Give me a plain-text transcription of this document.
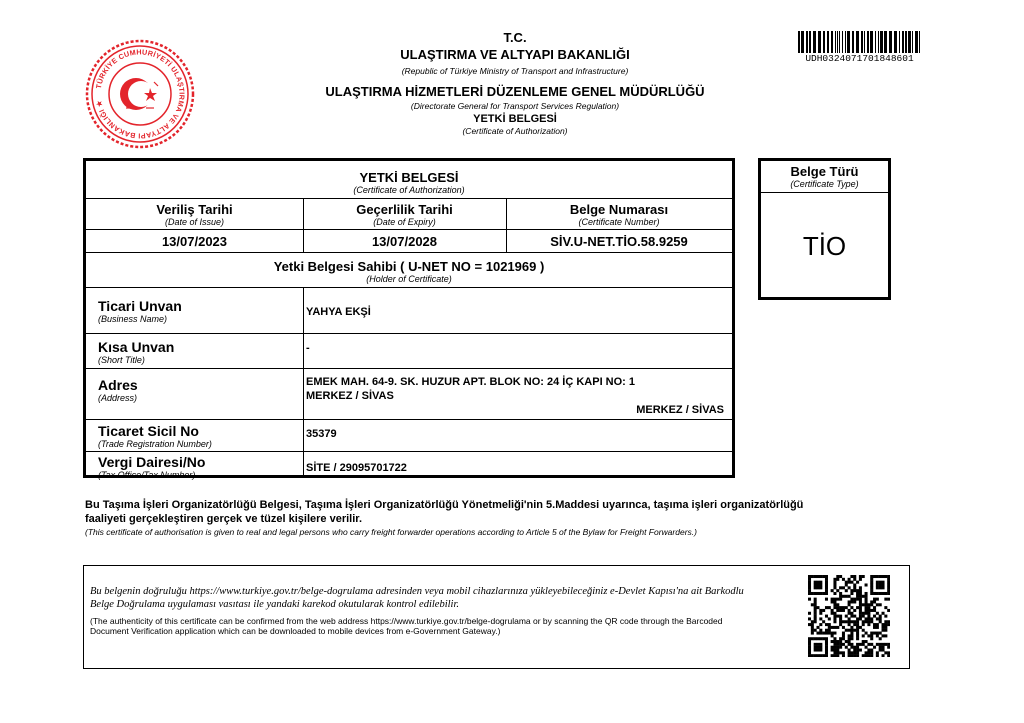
TÜRKİYE CUMHURİYETİ ULAŞTIRMA VE ALTYAPI BAKANLIĞI ★
T.C.
ULAŞTIRMA VE ALTYAPI BAKANLIĞI
(Republic of Türkiye Ministry of Transport and Infrastructure)
ULAŞTIRMA HİZMETLERİ DÜZENLEME GENEL MÜDÜRLÜĞÜ
(Directorate General for Transport Services Regulation)
YETKİ BELGESİ
(Certificate of Authorization)
UDH0324071701848601
YETKİ BELGESİ
(Certificate of Authorization)
Veriliş Tarihi
(Date of Issue)
Geçerlilik Tarihi
(Date of Expiry)
Belge Numarası
(Certificate Number)
13/07/2023	13/07/2028	SİV.U-NET.TİO.58.9259
Yetki Belgesi Sahibi ( U-NET NO = 1021969 )
(Holder of Certificate)
Ticari Unvan
(Business Name)
YAHYA EKŞİ
Kısa Unvan
(Short Title)
-
Adres
(Address)
EMEK MAH. 64-9. SK. HUZUR APT. BLOK NO: 24 İÇ KAPI NO: 1 MERKEZ / SİVAS
MERKEZ / SİVAS
Ticaret Sicil No
(Trade Registration Number)
35379
Vergi Dairesi/No
(Tax Office/Tax Number)
SİTE / 29095701722
Belge Türü
(Certificate Type)
TİO
Bu Taşıma İşleri Organizatörlüğü Belgesi, Taşıma İşleri Organizatörlüğü Yönetmeliği'nin 5.Maddesi uyarınca, taşıma işleri organizatörlüğü faaliyeti gerçekleştiren gerçek ve tüzel kişilere verilir.
(This certificate of authorisation is given to real and legal persons who carry freight forwarder operations according to Article 5 of the Bylaw for Freight Forwarders.)
Bu belgenin doğruluğu https://www.turkiye.gov.tr/belge-dogrulama adresinden veya mobil cihazlarınıza yükleyebileceğiniz e-Devlet Kapısı'na ait Barkodlu Belge Doğrulama uygulaması vasıtası ile yandaki karekod okutularak kontrol edilebilir.
(The authenticity of this certificate can be confirmed from the web address https://www.turkiye.gov.tr/belge-dogrulama or by scanning the QR code through the Barcoded Document Verification application which can be downloaded to mobile devices from e-Government Gateway.)
